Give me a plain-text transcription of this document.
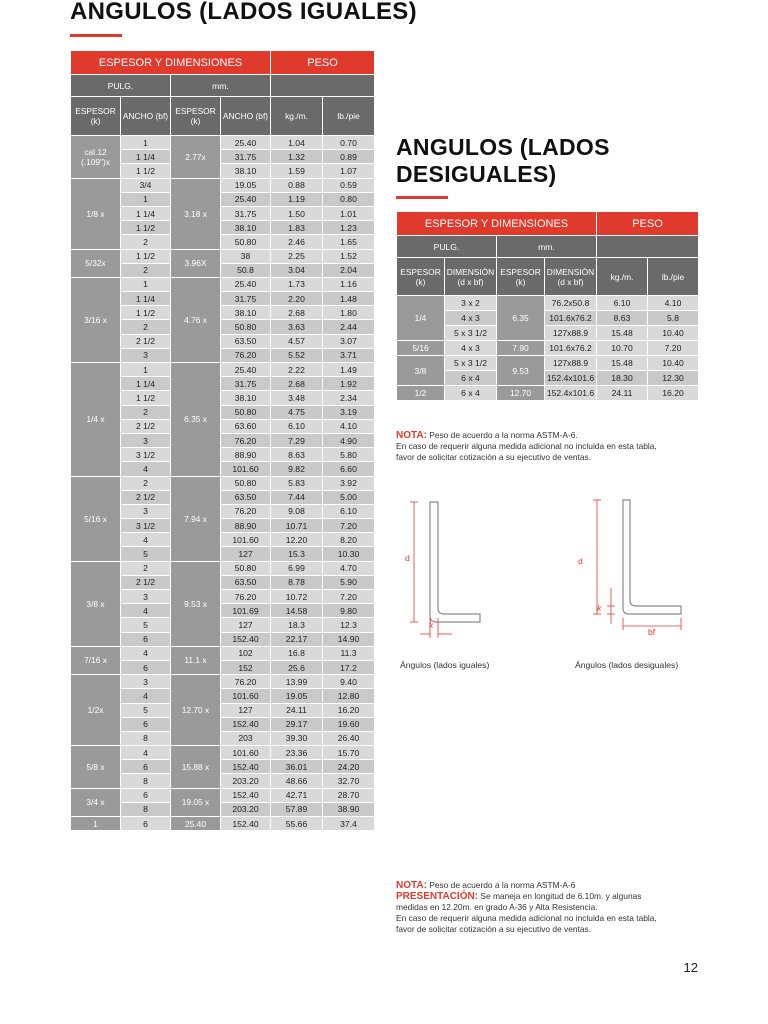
ANGULOS (LADOS IGUALES)
ESPESOR Y DIMENSIONES				PESO	
PULG.		mm.			
ESPESOR (k)	ANCHO (bf)	ESPESOR (k)	ANCHO (bf)	kg./m.	lb./pie
cal.12 (.109")x	1	2.77x	25.40	1.04	0.70
	1 1/4		31.75	1.32	0.89
	1 1/2		38.10	1.59	1.07
1/8 x	3/4	3.18 x	19.05	0.88	0.59
	1		25.40	1.19	0.80
	1 1/4		31.75	1.50	1.01
	1 1/2		38.10	1.83	1.23
	2		50.80	2.46	1.65
5/32x	1 1/2	3.96X	38	2.25	1.52
	2		50.8	3.04	2.04
3/16 x	1	4.76 x	25.40	1.73	1.16
	1 1/4		31.75	2.20	1.48
	1 1/2		38.10	2.68	1.80
	2		50.80	3.63	2.44
	2 1/2		63.50	4.57	3.07
	3		76.20	5.52	3.71
1/4 x	1	6.35 x	25.40	2.22	1.49
	1 1/4		31.75	2.68	1.92
	1 1/2		38.10	3.48	2.34
	2		50.80	4.75	3.19
	2 1/2		63.60	6.10	4.10
	3		76.20	7.29	4.90
	3 1/2		88.90	8.63	5.80
	4		101.60	9.82	6.60
5/16 x	2	7.94 x	50.80	5.83	3.92
	2 1/2		63.50	7.44	5.00
	3		76.20	9.08	6.10
	3 1/2		88.90	10.71	7.20
	4		101.60	12.20	8.20
	5		127	15.3	10.30
3/8 x	2	9.53 x	50.80	6.99	4.70
	2 1/2		63.50	8.78	5.90
	3		76.20	10.72	7.20
	4		101.69	14.58	9.80
	5		127	18.3	12.3
	6		152.40	22.17	14.90
7/16 x	4	11.1 x	102	16.8	11.3
	6		152	25.6	17.2
1/2x	3	12.70 x	76.20	13.99	9.40
	4		101.60	19.05	12.80
	5		127	24.11	16.20
	6		152.40	29.17	19.60
	8		203	39.30	26.40
5/8 x	4	15.88 x	101.60	23.36	15.70
	6		152.40	36.01	24.20
	8		203.20	48.66	32.70
3/4 x	6	19.05 x	152.40	42.71	28.70
	8		203.20	57.89	38.90
1	6	25.40	152.40	55.66	37.4
ANGULOS (LADOS DESIGUALES)
ESPESOR Y DIMENSIONES				PESO	
PULG.		mm.			
ESPESOR (k)	DIMENSIÓN (d x bf)	ESPESOR (k)	DIMENSIÓN (d x bf)	kg./m.	lb./pie
1/4	3 x 2	6.35	76.2x50.8	6.10	4.10
	4 x 3		101.6x76.2	8.63	5.8
	5 x 3 1/2		127x88.9	15.48	10.40
5/16	4 x 3	7.90	101.6x76.2	10.70	7.20
3/8	5 x 3 1/2	9.53	127x88.9	15.48	10.40
	6 x 4		152.4x101.6	18.30	12.30
1/2	6 x 4	12.70	152.4x101.6	24.11	16.20
NOTA: Peso de acuerdo a la norma ASTM-A-6.
En caso de requerir alguna medida adicional no incluida en esta tabla, favor de solicitar cotización a su ejecutivo de ventas.
d
k
Ángulos (lados iguales)
d
k
bf
Ángulos (lados desiguales)
NOTA: Peso de acuerdo a la norma ASTM-A-6
PRESENTACIÓN: Se maneja en longitud de 6.10m. y algunas medidas en 12.20m. en grado A-36 y Alta Resistencia.
En caso de requerir alguna medida adicional no incluida en esta tabla, favor de solicitar cotización a su ejecutivo de ventas.
12
